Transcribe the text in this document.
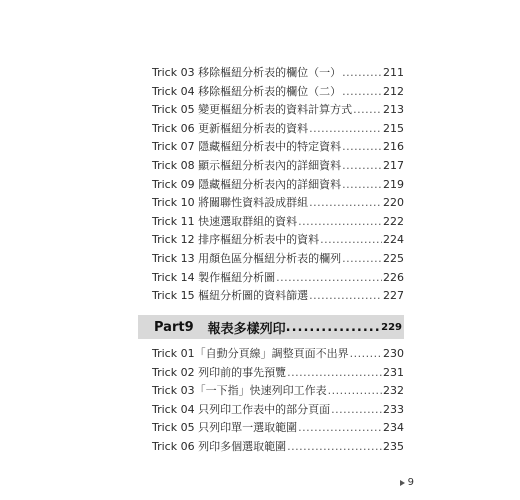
Trick 03 移除樞紐分析表的欄位（一） .....	211
Trick 04 移除樞紐分析表的欄位（二） .....	212
Trick 05 變更樞紐分析表的資料計算方式 .....	213
Trick 06 更新樞紐分析表的資料 .....	215
Trick 07 隱藏樞紐分析表中的特定資料 .....	216
Trick 08 顯示樞紐分析表內的詳細資料 .....	217
Trick 09 隱藏樞紐分析表內的詳細資料 .....	219
Trick 10 將關聯性資料設成群組 .....	220
Trick 11 快速選取群組的資料 .....	222
Trick 12 排序樞紐分析表中的資料 .....	224
Trick 13 用顏色區分樞紐分析表的欄列 .....	225
Trick 14 製作樞紐分析圖 .....	226
Trick 15 樞紐分析圖的資料篩選 .....	227
Part9 報表多樣列印 .....	229
Trick 01「自動分頁線」調整頁面不出界 .....	230
Trick 02 列印前的事先預覽 .....	231
Trick 03「一下指」快速列印工作表 .....	232
Trick 04 只列印工作表中的部分頁面 .....	233
Trick 05 只列印單一選取範圍 .....	234
Trick 06 列印多個選取範圍 .....	235
9
